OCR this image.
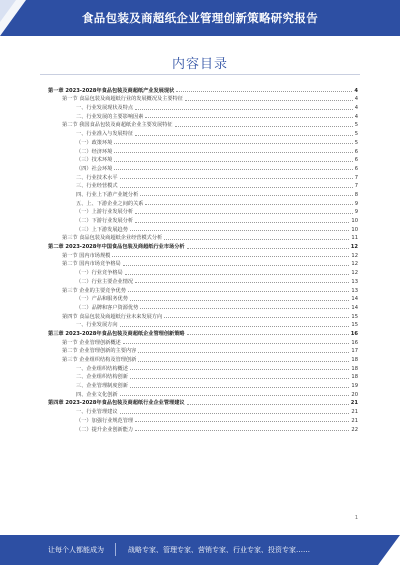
食品包装及商超纸企业管理创新策略研究报告
内容目录
第一章 2023-2028年食品包装及商超纸产业发展现状	4
第一节 食品包装及商超纸行业的发展概况及主要特征	4
一、行业发展现状及特点	4
二、行业发展的主要影响因素	4
第二节 我国食品包装及商超纸企业主要发展特征	5
一、行业准入与发展特征	5
（一）政策环境	5
（二）经济环境	6
（三）技术环境	6
（四）社会环境	6
二、行业技术水平	7
三、行业经营模式	7
四、行业上下游产业链分析	8
五、上、下游企业之间的关系	9
（一）上游行业发展分析	9
（二）下游行业发展分析	10
（三）上下游发展趋势	10
第三节 食品包装及商超纸企业经营模式分析	11
第二章 2023-2028年中国食品包装及商超纸行业市场分析	12
第一节 国内市场规模	12
第二节 国内市场竞争格局	12
（一）行业竞争格局	12
（二）行业主要企业情况	13
第三节 企业的主要竞争优势	13
（一）产品和服务优势	14
（二）品牌和客户资源优势	14
第四节 食品包装及商超纸行业未来发展方向	15
一、行业发展方向	15
第三章 2023-2028年食品包装及商超纸企业管理创新策略	16
第一节 企业管理创新概述	16
第二节 企业管理创新的主要内容	17
第三节 企业组织结构及管理创新	18
一、企业组织结构概述	18
二、企业组织结构创新	18
三、企业管理制度创新	19
四、企业文化创新	20
第四章 2023-2028年食品包装及商超纸行业企业管理建议	21
一、行业管理建议	21
（一）加强行业规范管理	21
（二）提升企业创新能力	22
1
让每个人都能成为	战略专家、管理专家、营销专家、行业专家、投资专家……
